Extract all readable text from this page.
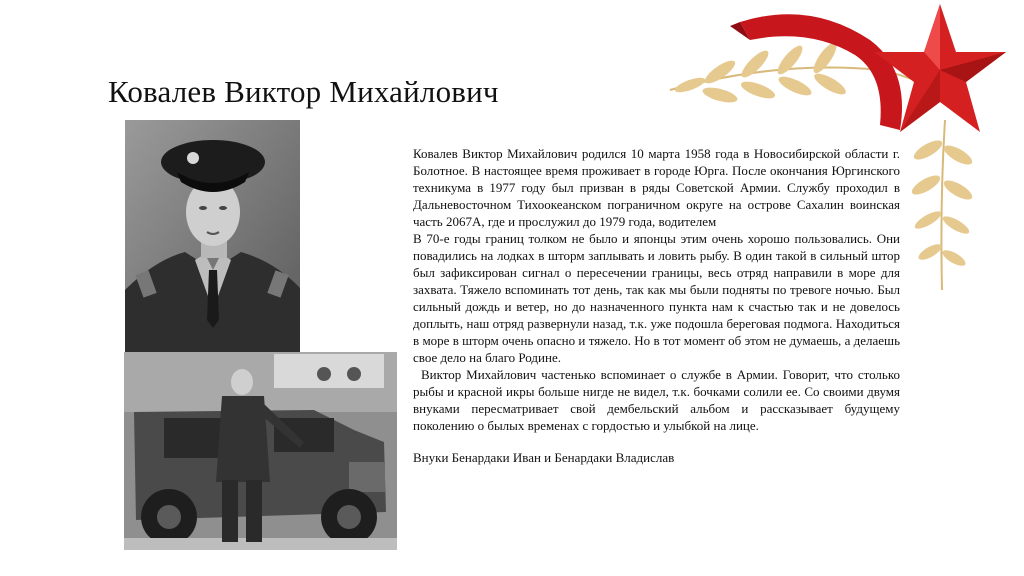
Ковалев Виктор Михайлович

Ковалев Виктор Михайлович родился 10 марта 1958 года в Новосибирской области г. Болотное. В настоящее время проживает в городе Юрга. После окончания Юргинского техникума в 1977 году был призван в ряды Советской Армии. Службу проходил в Дальневосточном Тихоокеанском пограничном округе на острове Сахалин воинская часть 2067А, где и прослужил до 1979 года, водителем

В 70-е годы границ толком не было и японцы этим очень хорошо пользовались. Они повадились на лодках в шторм заплывать и ловить рыбу. В один такой в сильный штор был зафиксирован сигнал о пересечении границы, весь отряд направили в море для захвата. Тяжело вспоминать тот день, так как мы были подняты по тревоге ночью. Был сильный дождь и ветер, но до назначенного пункта нам к счастью так и не довелось доплыть, наш отряд развернули назад, т.к. уже подошла береговая подмога. Находиться в море в шторм очень опасно и тяжело. Но в тот момент об этом не думаешь, а делаешь свое дело на благо Родине.

Виктор Михайлович частенько вспоминает о службе в Армии. Говорит, что столько рыбы и красной икры больше нигде не видел, т.к. бочками солили ее. Со своими двумя внуками пересматривает свой дембельский альбом и рассказывает будущему поколению о былых временах с гордостью и улыбкой на лице.

Внуки Бенардаки Иван и Бенардаки Владислав
